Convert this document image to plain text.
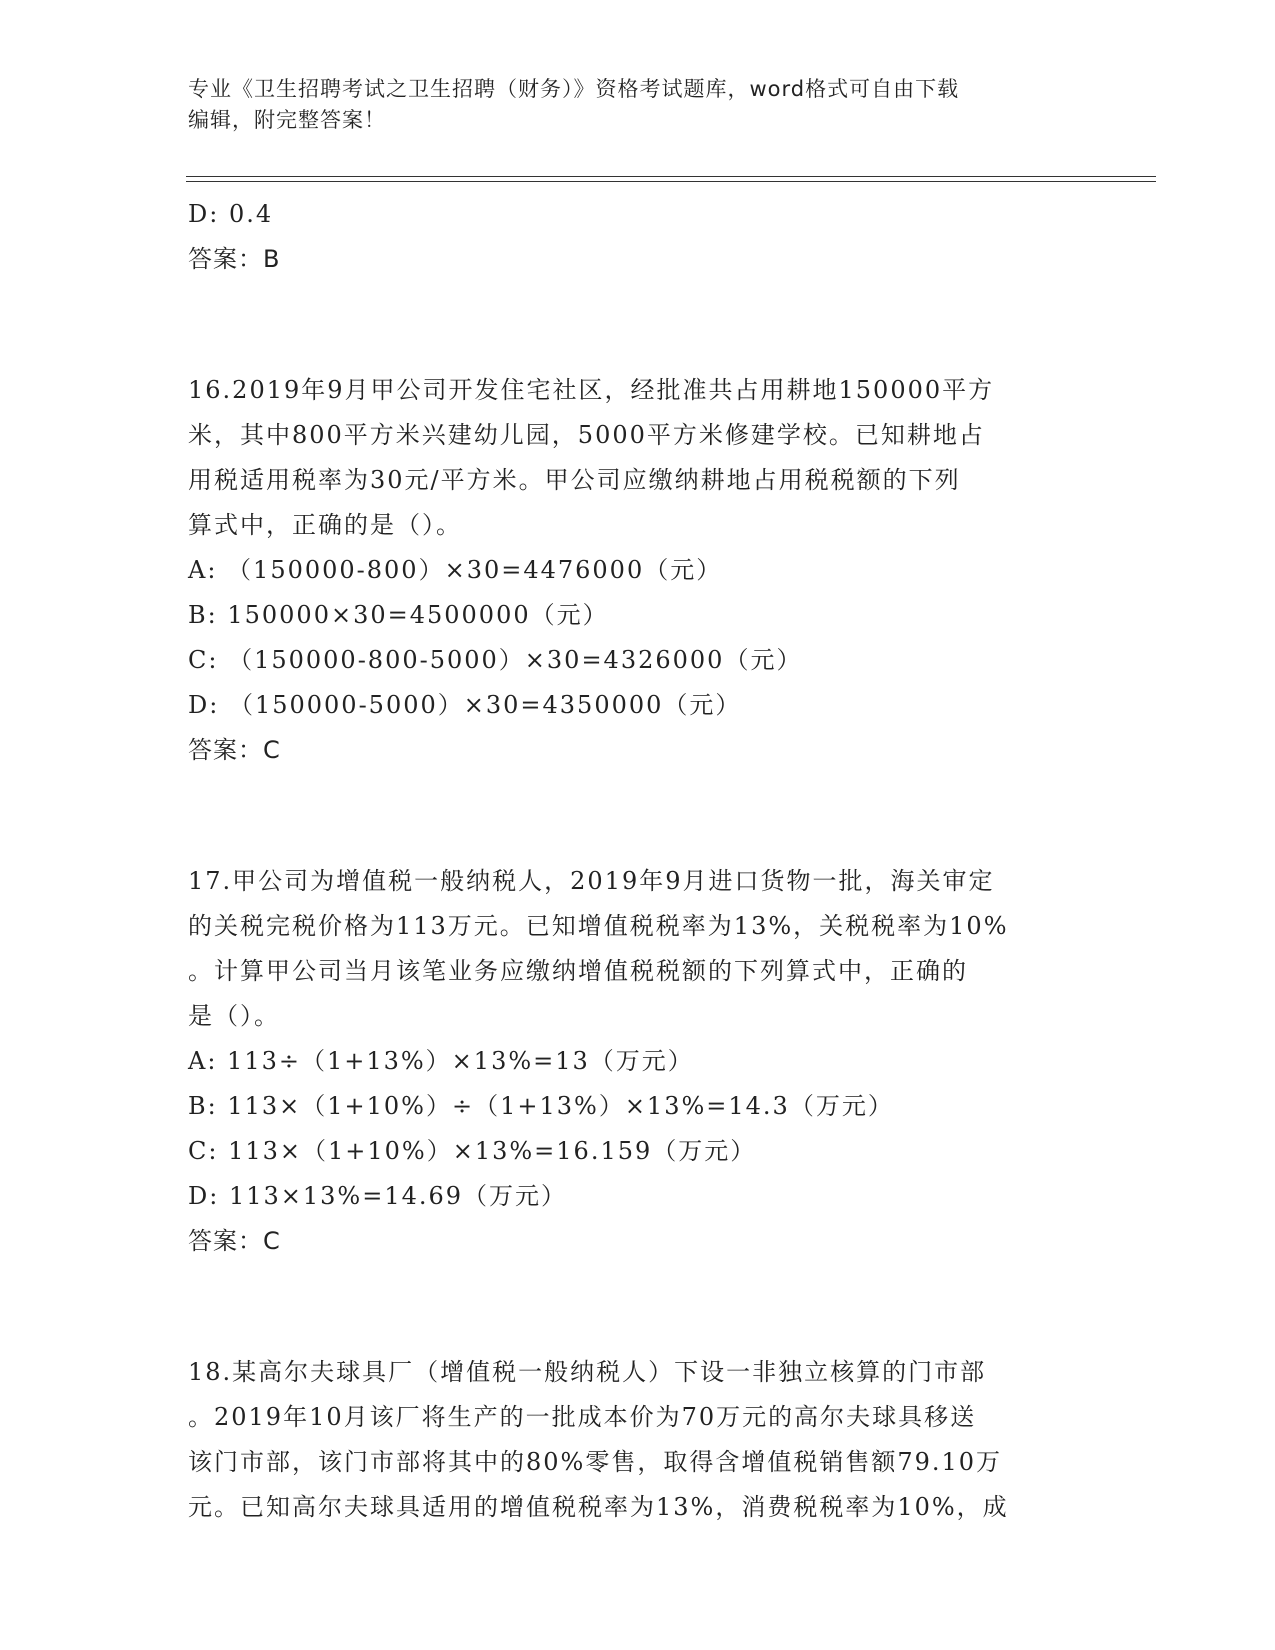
专业《卫生招聘考试之卫生招聘（财务）》资格考试题库，word格式可自由下载
编辑，附完整答案！
D: 0.4
答案：B
16.2019年9月甲公司开发住宅社区，经批准共占用耕地150000平方
米，其中800平方米兴建幼儿园，5000平方米修建学校。已知耕地占
用税适用税率为30元/平方米。甲公司应缴纳耕地占用税税额的下列
算式中，正确的是（）。
A: （150000-800）×30=4476000（元）
B: 150000×30=4500000（元）
C: （150000-800-5000）×30=4326000（元）
D: （150000-5000）×30=4350000（元）
答案：C
17.甲公司为增值税一般纳税人，2019年9月进口货物一批，海关审定
的关税完税价格为113万元。已知增值税税率为13%，关税税率为10%
。计算甲公司当月该笔业务应缴纳增值税税额的下列算式中，正确的
是（）。
A: 113÷（1+13%）×13%=13（万元）
B: 113×（1+10%）÷（1+13%）×13%=14.3（万元）
C: 113×（1+10%）×13%=16.159（万元）
D: 113×13%=14.69（万元）
答案：C
18.某高尔夫球具厂（增值税一般纳税人）下设一非独立核算的门市部
。2019年10月该厂将生产的一批成本价为70万元的高尔夫球具移送
该门市部，该门市部将其中的80%零售，取得含增值税销售额79.10万
元。已知高尔夫球具适用的增值税税率为13%，消费税税率为10%，成
